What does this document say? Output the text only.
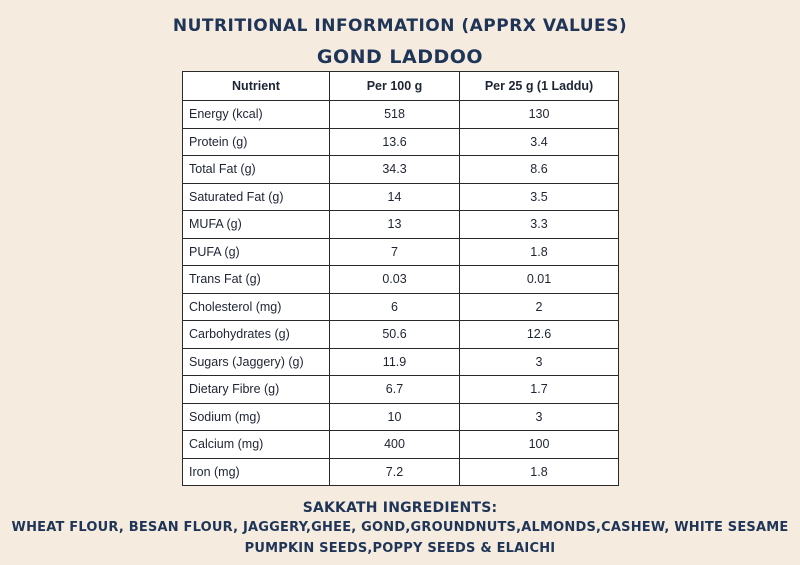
NUTRITIONAL INFORMATION (APPRX VALUES)
GOND LADDOO
Nutrient	Per 100 g	Per 25 g (1 Laddu)
Energy (kcal)	518	130
Protein (g)	13.6	3.4
Total Fat (g)	34.3	8.6
Saturated Fat (g)	14	3.5
MUFA (g)	13	3.3
PUFA (g)	7	1.8
Trans Fat (g)	0.03	0.01
Cholesterol (mg)	6	2
Carbohydrates (g)	50.6	12.6
Sugars (Jaggery) (g)	11.9	3
Dietary Fibre (g)	6.7	1.7
Sodium (mg)	10	3
Calcium (mg)	400	100
Iron (mg)	7.2	1.8
SAKKATH INGREDIENTS:
WHEAT FLOUR, BESAN FLOUR, JAGGERY,GHEE, GOND,GROUNDNUTS,ALMONDS,CASHEW, WHITE SESAME
PUMPKIN SEEDS,POPPY SEEDS & ELAICHI
